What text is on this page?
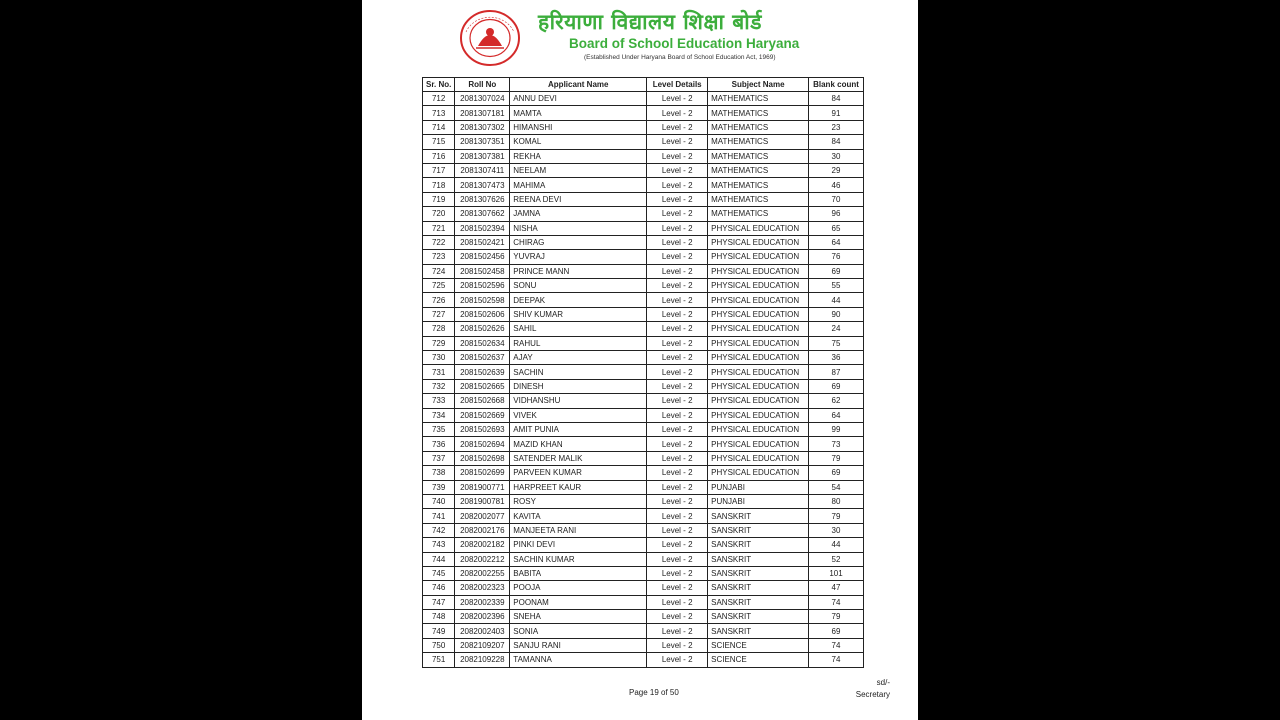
हरियाणा विद्यालय शिक्षा बोर्ड
Board of School Education Haryana
(Established Under Haryana Board of School Education Act, 1969)
Sr. No.	Roll No	Applicant Name	Level Details	Subject Name	Blank count
712	2081307024	ANNU DEVI	Level - 2	MATHEMATICS	84
713	2081307181	MAMTA	Level - 2	MATHEMATICS	91
714	2081307302	HIMANSHI	Level - 2	MATHEMATICS	23
715	2081307351	KOMAL	Level - 2	MATHEMATICS	84
716	2081307381	REKHA	Level - 2	MATHEMATICS	30
717	2081307411	NEELAM	Level - 2	MATHEMATICS	29
718	2081307473	MAHIMA	Level - 2	MATHEMATICS	46
719	2081307626	REENA DEVI	Level - 2	MATHEMATICS	70
720	2081307662	JAMNA	Level - 2	MATHEMATICS	96
721	2081502394	NISHA	Level - 2	PHYSICAL EDUCATION	65
722	2081502421	CHIRAG	Level - 2	PHYSICAL EDUCATION	64
723	2081502456	YUVRAJ	Level - 2	PHYSICAL EDUCATION	76
724	2081502458	PRINCE MANN	Level - 2	PHYSICAL EDUCATION	69
725	2081502596	SONU	Level - 2	PHYSICAL EDUCATION	55
726	2081502598	DEEPAK	Level - 2	PHYSICAL EDUCATION	44
727	2081502606	SHIV KUMAR	Level - 2	PHYSICAL EDUCATION	90
728	2081502626	SAHIL	Level - 2	PHYSICAL EDUCATION	24
729	2081502634	RAHUL	Level - 2	PHYSICAL EDUCATION	75
730	2081502637	AJAY	Level - 2	PHYSICAL EDUCATION	36
731	2081502639	SACHIN	Level - 2	PHYSICAL EDUCATION	87
732	2081502665	DINESH	Level - 2	PHYSICAL EDUCATION	69
733	2081502668	VIDHANSHU	Level - 2	PHYSICAL EDUCATION	62
734	2081502669	VIVEK	Level - 2	PHYSICAL EDUCATION	64
735	2081502693	AMIT PUNIA	Level - 2	PHYSICAL EDUCATION	99
736	2081502694	MAZID KHAN	Level - 2	PHYSICAL EDUCATION	73
737	2081502698	SATENDER MALIK	Level - 2	PHYSICAL EDUCATION	79
738	2081502699	PARVEEN KUMAR	Level - 2	PHYSICAL EDUCATION	69
739	2081900771	HARPREET KAUR	Level - 2	PUNJABI	54
740	2081900781	ROSY	Level - 2	PUNJABI	80
741	2082002077	KAVITA	Level - 2	SANSKRIT	79
742	2082002176	MANJEETA RANI	Level - 2	SANSKRIT	30
743	2082002182	PINKI DEVI	Level - 2	SANSKRIT	44
744	2082002212	SACHIN KUMAR	Level - 2	SANSKRIT	52
745	2082002255	BABITA	Level - 2	SANSKRIT	101
746	2082002323	POOJA	Level - 2	SANSKRIT	47
747	2082002339	POONAM	Level - 2	SANSKRIT	74
748	2082002396	SNEHA	Level - 2	SANSKRIT	79
749	2082002403	SONIA	Level - 2	SANSKRIT	69
750	2082109207	SANJU RANI	Level - 2	SCIENCE	74
751	2082109228	TAMANNA	Level - 2	SCIENCE	74
Page 19 of 50
sd/-
Secretary
